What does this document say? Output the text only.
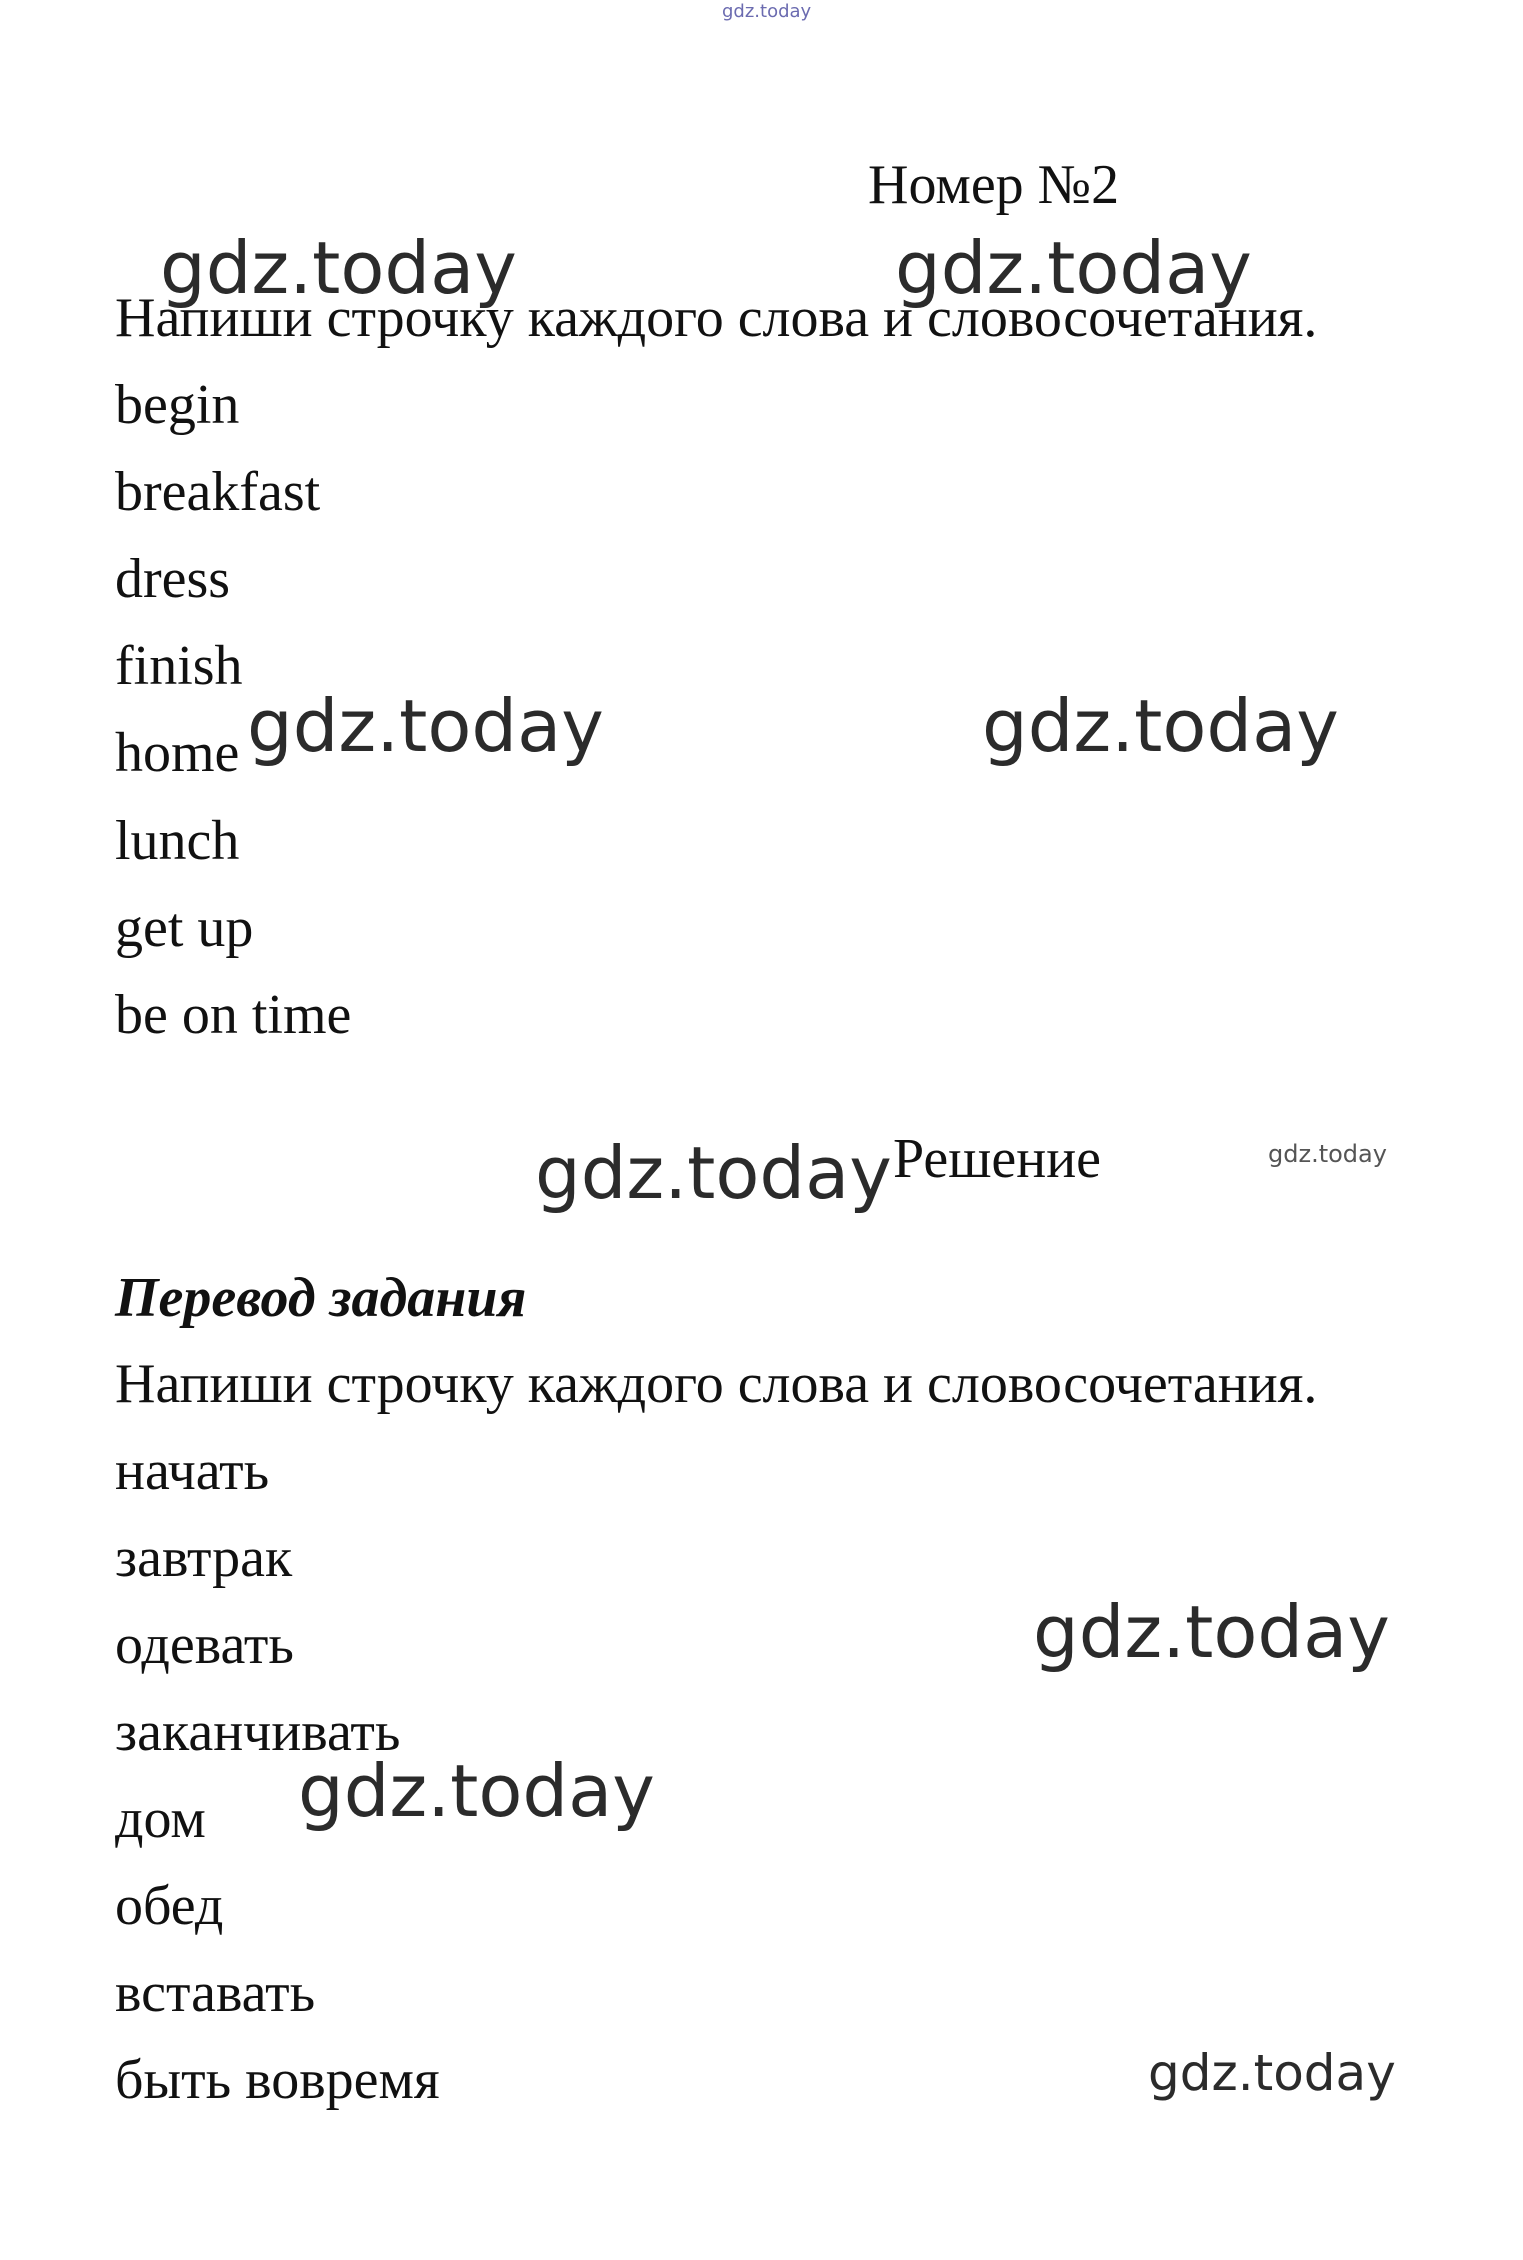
gdz.today
gdz.today	gdz.today
gdz.today	gdz.today
gdz.today	gdz.today
gdz.today
gdz.today
gdz.today
Номер №2
Напиши строчку каждого слова и словосочетания.
begin
breakfast
dress
finish
home
lunch
get up
be on time
Решение
Перевод задания
Напиши строчку каждого слова и словосочетания.
начать
завтрак
одевать
заканчивать
дом
обед
вставать
быть вовремя
